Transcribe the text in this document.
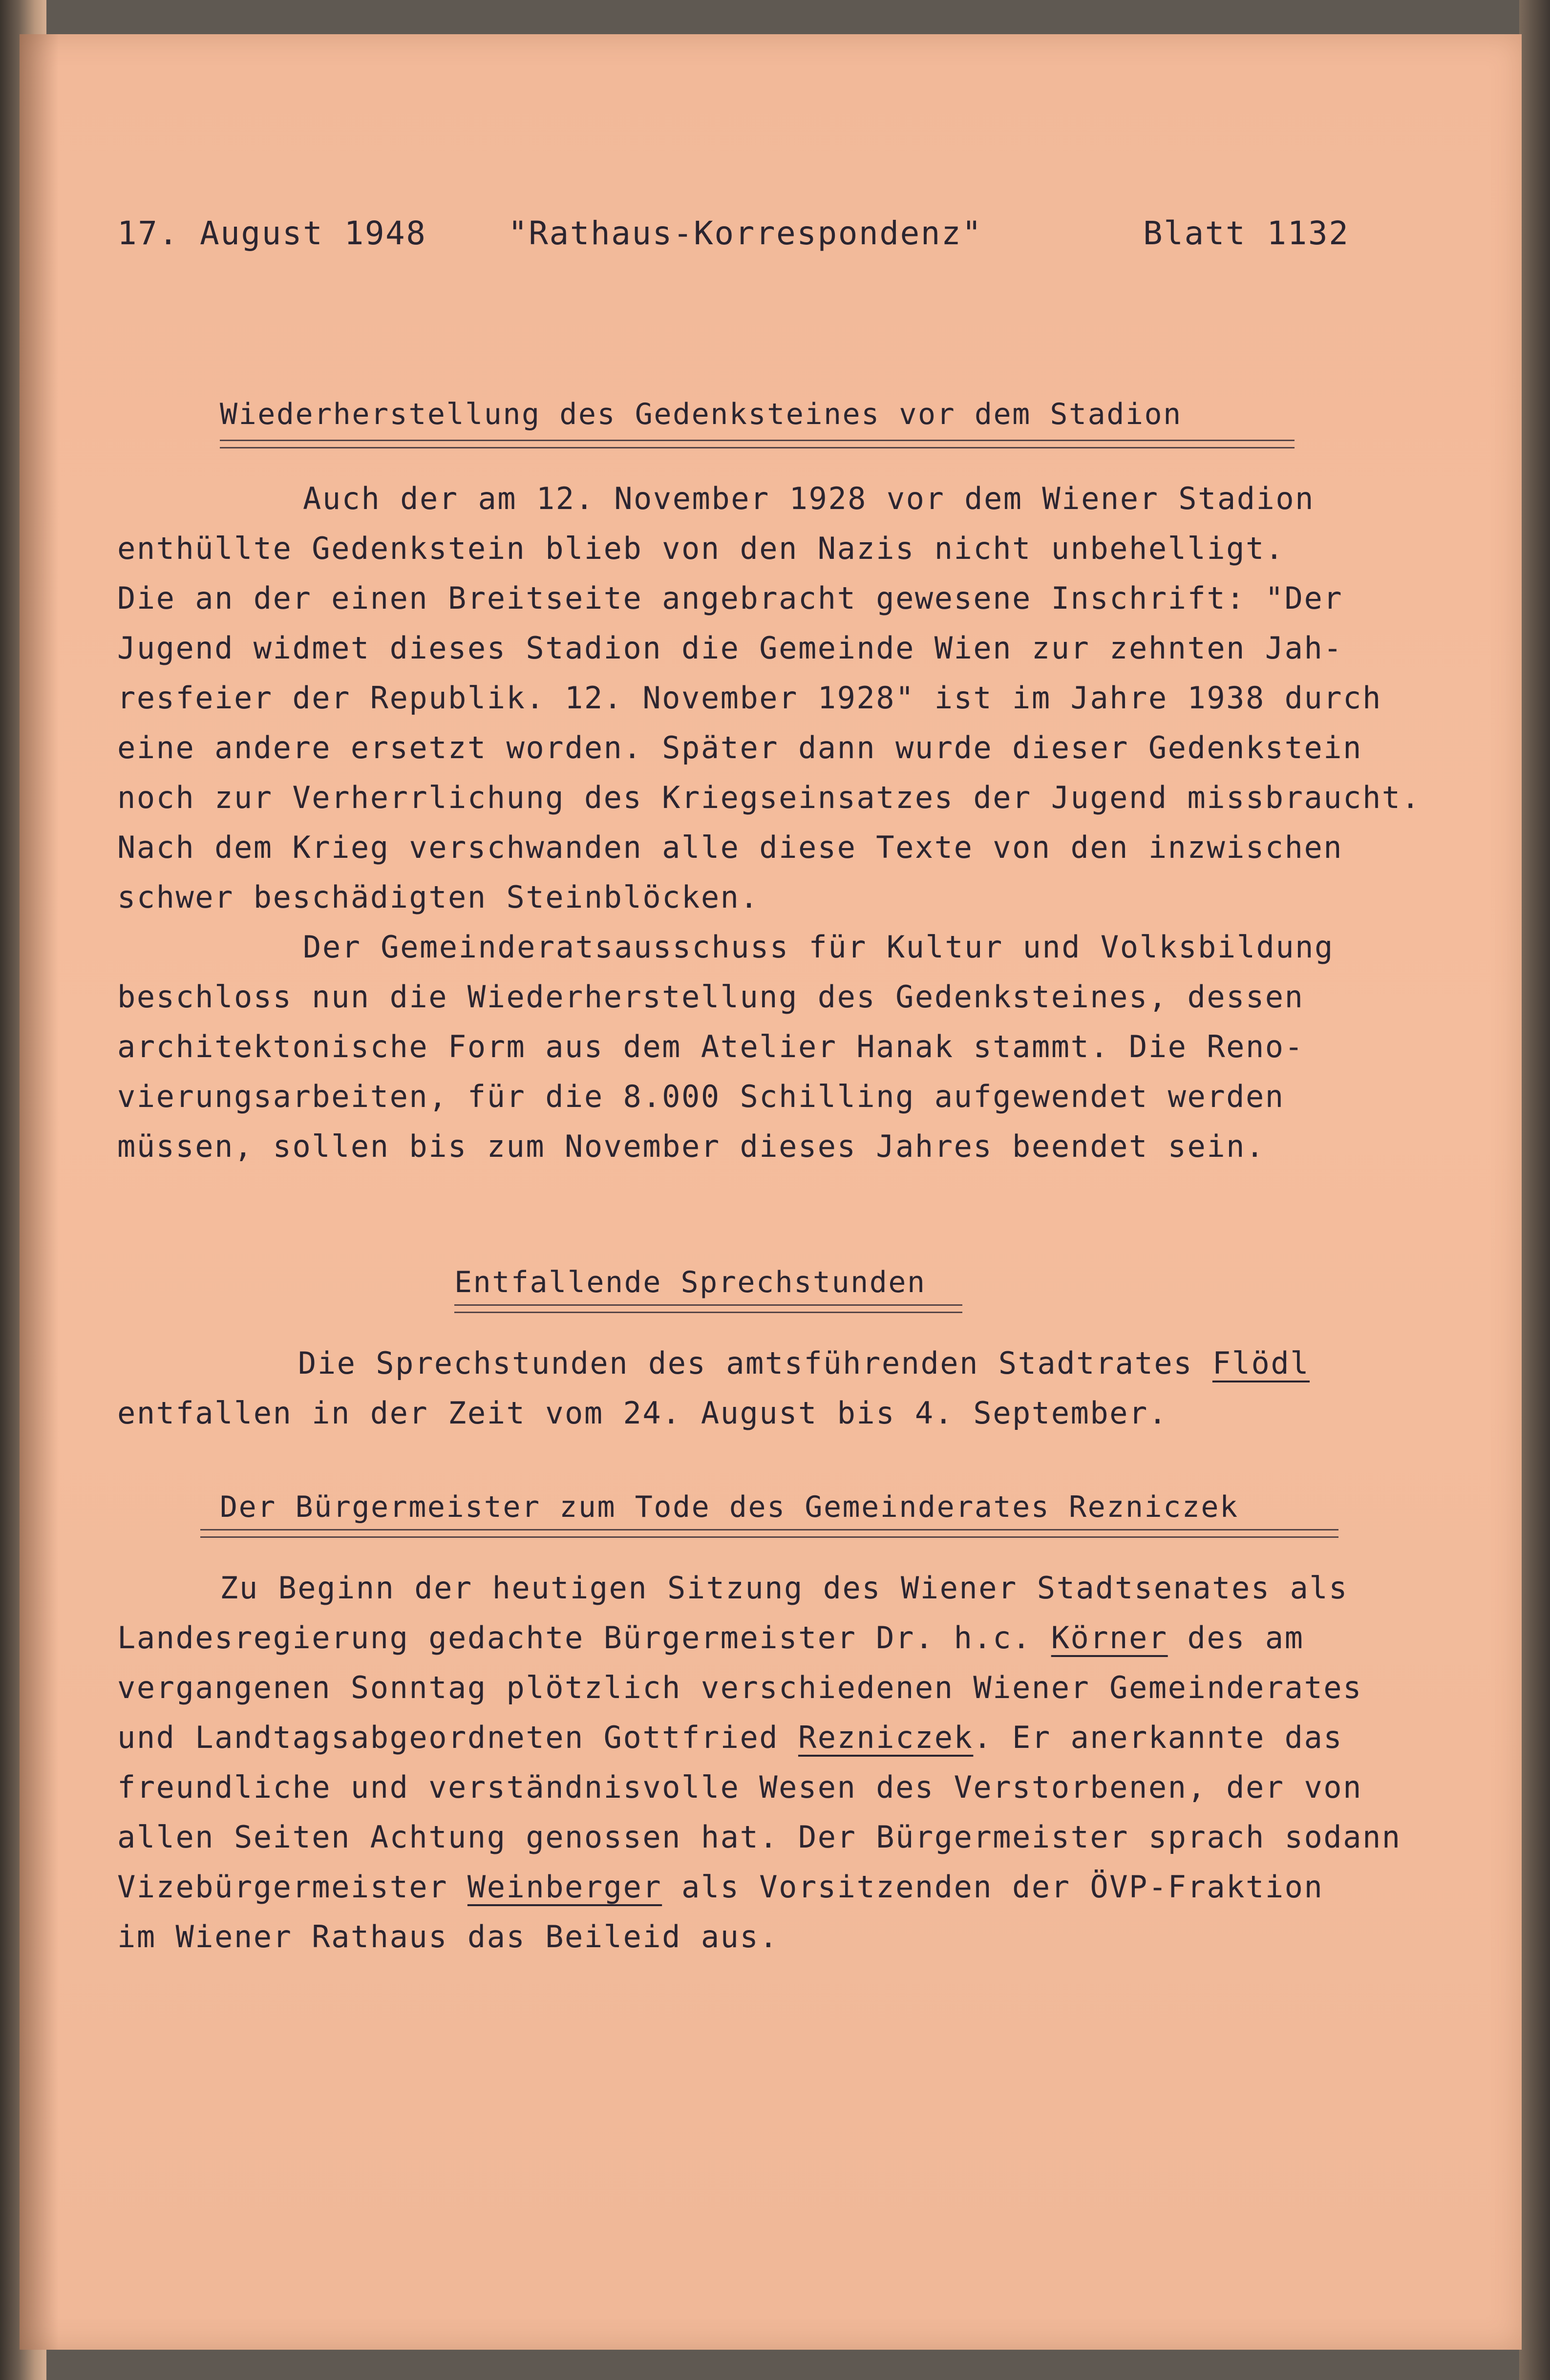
17. August 1948	"Rathaus-Korrespondenz"	Blatt 1132
Wiederherstellung des Gedenksteines vor dem Stadion
Auch der am 12. November 1928 vor dem Wiener Stadion
enthüllte Gedenkstein blieb von den Nazis nicht unbehelligt.
Die an der einen Breitseite angebracht gewesene Inschrift: "Der
Jugend widmet dieses Stadion die Gemeinde Wien zur zehnten Jah-
resfeier der Republik. 12. November 1928" ist im Jahre 1938 durch
eine andere ersetzt worden. Später dann wurde dieser Gedenkstein
noch zur Verherrlichung des Kriegseinsatzes der Jugend missbraucht.
Nach dem Krieg verschwanden alle diese Texte von den inzwischen
schwer beschädigten Steinblöcken.
Der Gemeinderatsausschuss für Kultur und Volksbildung
beschloss nun die Wiederherstellung des Gedenksteines, dessen
architektonische Form aus dem Atelier Hanak stammt. Die Reno-
vierungsarbeiten, für die 8.000 Schilling aufgewendet werden
müssen, sollen bis zum November dieses Jahres beendet sein.
Entfallende Sprechstunden
Die Sprechstunden des amtsführenden Stadtrates Flödl
entfallen in der Zeit vom 24. August bis 4. September.
Der Bürgermeister zum Tode des Gemeinderates Rezniczek
Zu Beginn der heutigen Sitzung des Wiener Stadtsenates als
Landesregierung gedachte Bürgermeister Dr. h.c. Körner des am
vergangenen Sonntag plötzlich verschiedenen Wiener Gemeinderates
und Landtagsabgeordneten Gottfried Rezniczek. Er anerkannte das
freundliche und verständnisvolle Wesen des Verstorbenen, der von
allen Seiten Achtung genossen hat. Der Bürgermeister sprach sodann
Vizebürgermeister Weinberger als Vorsitzenden der ÖVP-Fraktion
im Wiener Rathaus das Beileid aus.
